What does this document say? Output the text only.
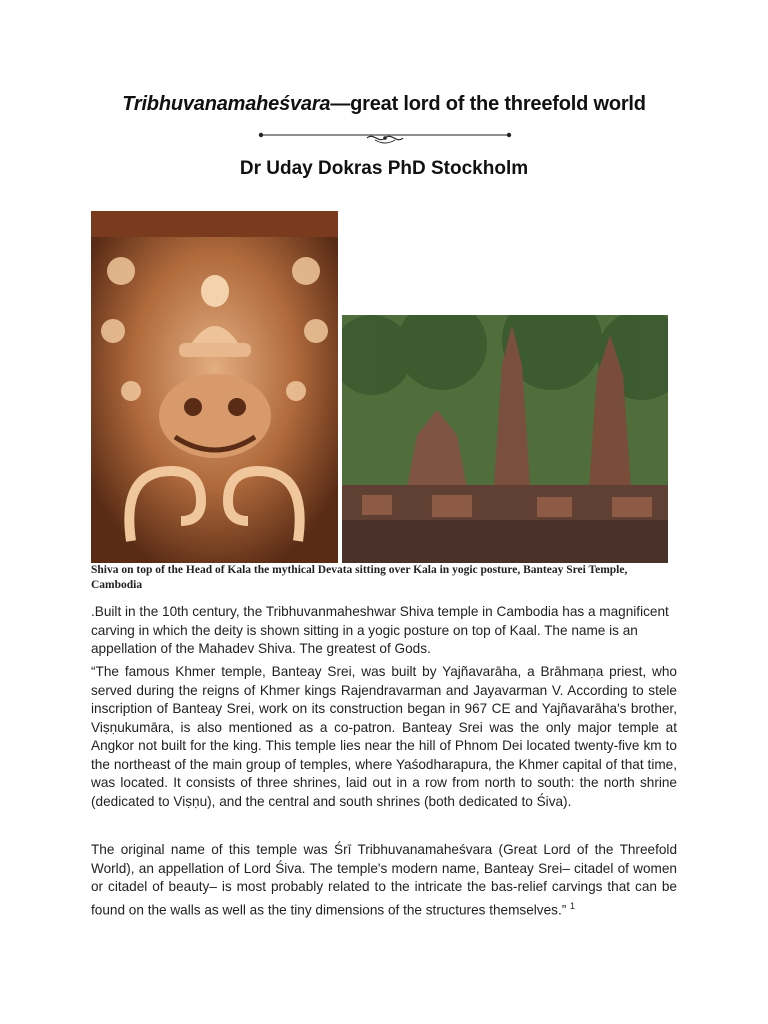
Tribhuvanamaheśvara—great lord of the threefold world
Dr Uday Dokras PhD Stockholm
Shiva on top of the Head of Kala the mythical Devata sitting over Kala in yogic posture, Banteay Srei Temple, Cambodia
.Built in the 10th century, the Tribhuvanmaheshwar Shiva temple in Cambodia has a magnificent carving in which the deity is shown sitting in a yogic posture on top of Kaal. The name is an appellation of the Mahadev Shiva. The greatest of Gods.
“The famous Khmer temple, Banteay Srei, was built by Yajñavarāha, a Brāhmaṇa priest, who served during the reigns of Khmer kings Rajendravarman and Jayavarman V. According to stele inscription of Banteay Srei, work on its construction began in 967 CE and Yajñavarāha's brother, Viṣṇukumāra, is also mentioned as a co-patron. Banteay Srei was the only major temple at Angkor not built for the king. This temple lies near the hill of Phnom Dei located twenty-five km to the northeast of the main group of temples, where Yaśodharapura, the Khmer capital of that time, was located. It consists of three shrines, laid out in a row from north to south: the north shrine (dedicated to Viṣṇu), and the central and south shrines (both dedicated to Śiva).
The original name of this temple was Śrī Tribhuvanamaheśvara (Great Lord of the Threefold World), an appellation of Lord Śiva. The temple's modern name, Banteay Srei– citadel of women or citadel of beauty– is most probably related to the intricate the bas-relief carvings that can be found on the walls as well as the tiny dimensions of the structures themselves.” $^1$
